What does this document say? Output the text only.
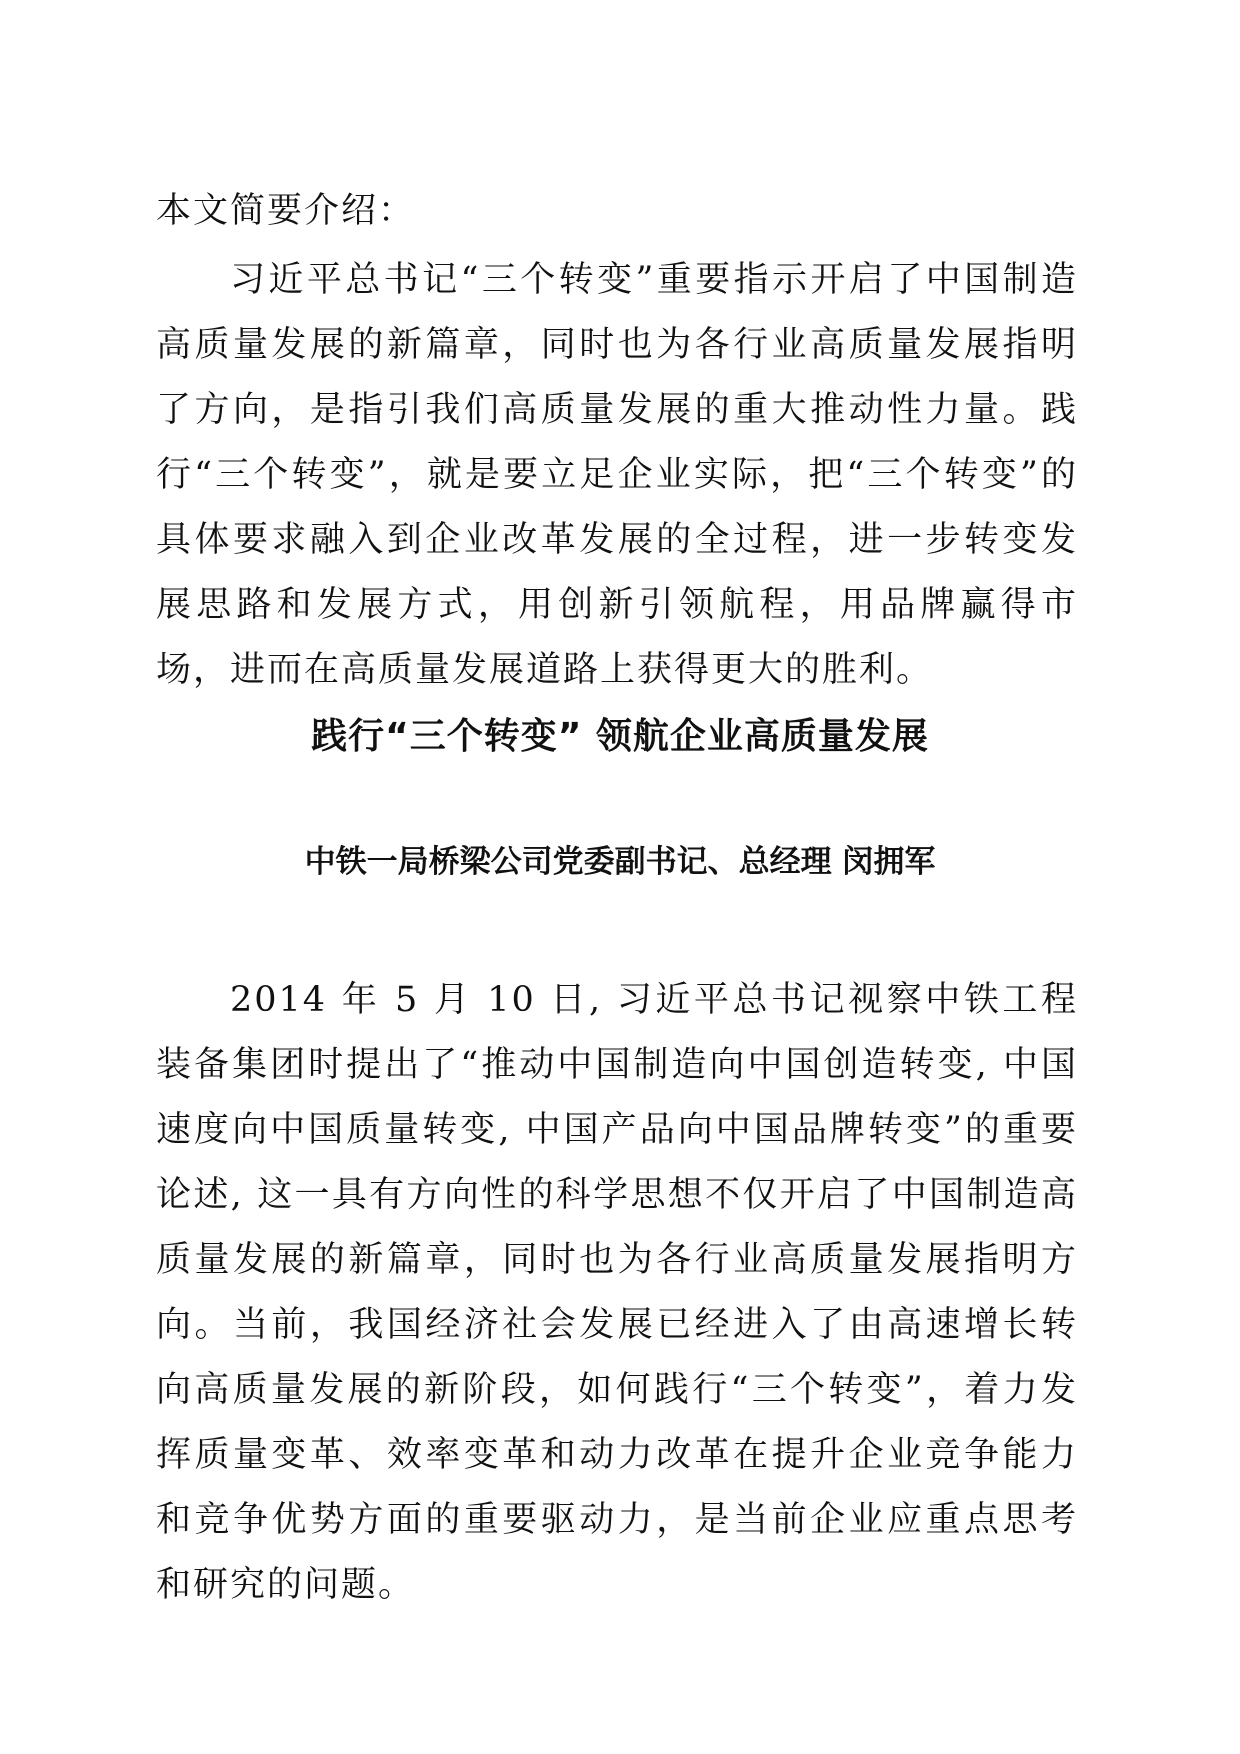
本文简要介绍：
习近平总书记“三个转变”重要指示开启了中国制造高质量发展的新篇章，同时也为各行业高质量发展指明了方向，是指引我们高质量发展的重大推动性力量。践行“三个转变”，就是要立足企业实际，把“三个转变”的具体要求融入到企业改革发展的全过程，进一步转变发展思路和发展方式，用创新引领航程，用品牌赢得市场，进而在高质量发展道路上获得更大的胜利。
践行“三个转变” 领航企业高质量发展
中铁一局桥梁公司党委副书记、总经理 闵拥军
2014 年 5 月 10 日, 习近平总书记视察中铁工程装备集团时提出了“推动中国制造向中国创造转变, 中国速度向中国质量转变, 中国产品向中国品牌转变”的重要论述, 这一具有方向性的科学思想不仅开启了中国制造高质量发展的新篇章，同时也为各行业高质量发展指明方向。当前，我国经济社会发展已经进入了由高速增长转向高质量发展的新阶段，如何践行“三个转变”，着力发挥质量变革、效率变革和动力改革在提升企业竞争能力和竞争优势方面的重要驱动力，是当前企业应重点思考和研究的问题。
